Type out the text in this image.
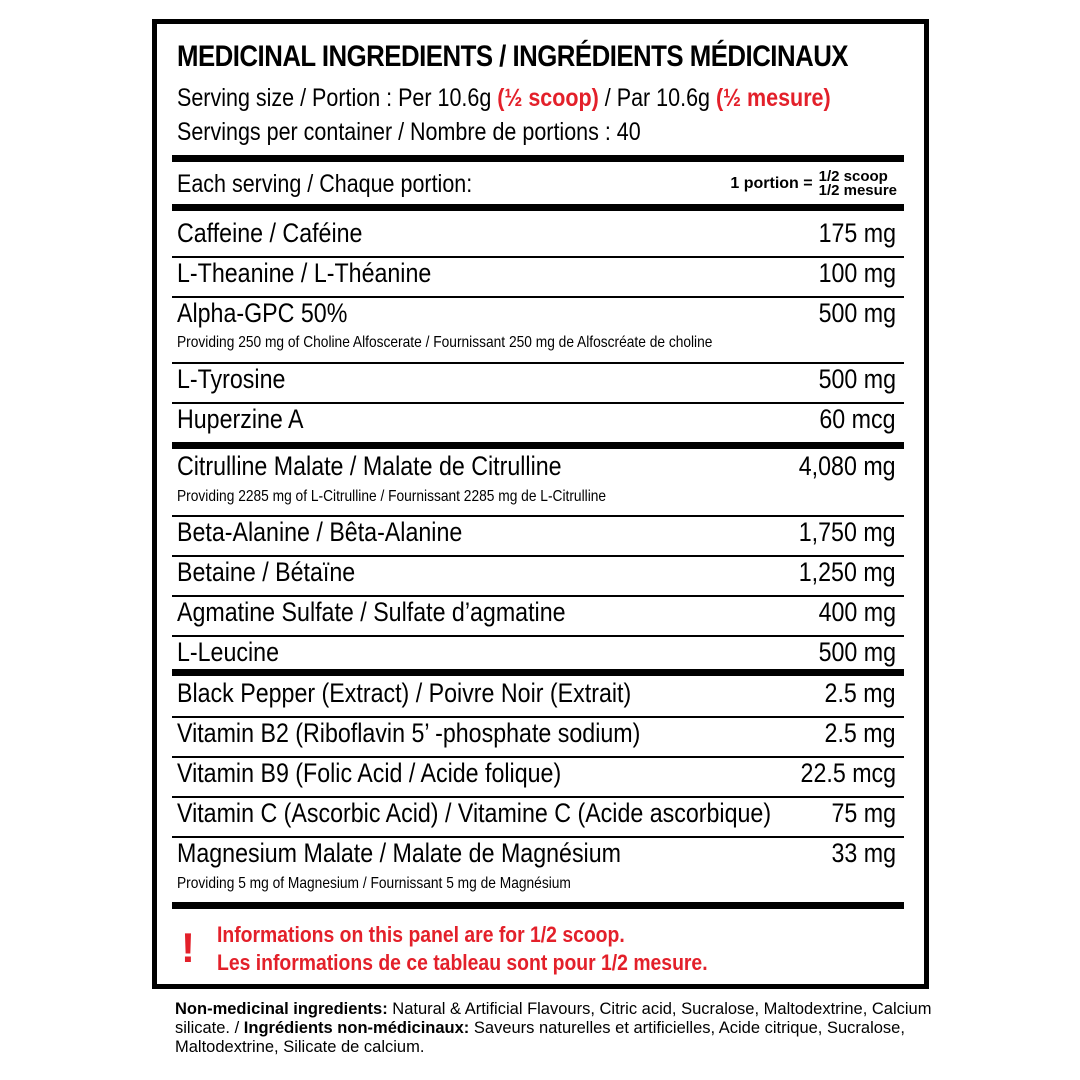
MEDICINAL INGREDIENTS / INGRÉDIENTS MÉDICINAUX
Serving size / Portion : Per 10.6g (½ scoop) / Par 10.6g (½ mesure)
Servings per container / Nombre de portions : 40
Each serving / Chaque portion:	1 portion = 1/2 scoop
1/2 mesure
Caffeine / Caféine	175 mg
L-Theanine / L-Théanine	100 mg
Alpha-GPC 50%	500 mg
Providing 250 mg of Choline Alfoscerate / Fournissant 250 mg de Alfoscréate de choline
L-Tyrosine	500 mg
Huperzine A	60 mcg
Citrulline Malate / Malate de Citrulline	4,080 mg
Providing 2285 mg of L-Citrulline / Fournissant 2285 mg de L-Citrulline
Beta-Alanine / Bêta-Alanine	1,750 mg
Betaine / Bétaïne	1,250 mg
Agmatine Sulfate / Sulfate d’agmatine	400 mg
L-Leucine	500 mg
Black Pepper (Extract) / Poivre Noir (Extrait)	2.5 mg
Vitamin B2 (Riboflavin 5’ -phosphate sodium)	2.5 mg
Vitamin B9 (Folic Acid / Acide folique)	22.5 mcg
Vitamin C (Ascorbic Acid) / Vitamine C (Acide ascorbique) 75 mg
Magnesium Malate / Malate de Magnésium	33 mg
Providing 5 mg of Magnesium / Fournissant 5 mg de Magnésium
! Informations on this panel are for 1/2 scoop.
Les informations de ce tableau sont pour 1/2 mesure.
Non-medicinal ingredients: Natural & Artificial Flavours, Citric acid, Sucralose, Maltodextrine, Calcium silicate. / Ingrédients non-médicinaux: Saveurs naturelles et artificielles, Acide citrique, Sucralose, Maltodextrine, Silicate de calcium.
